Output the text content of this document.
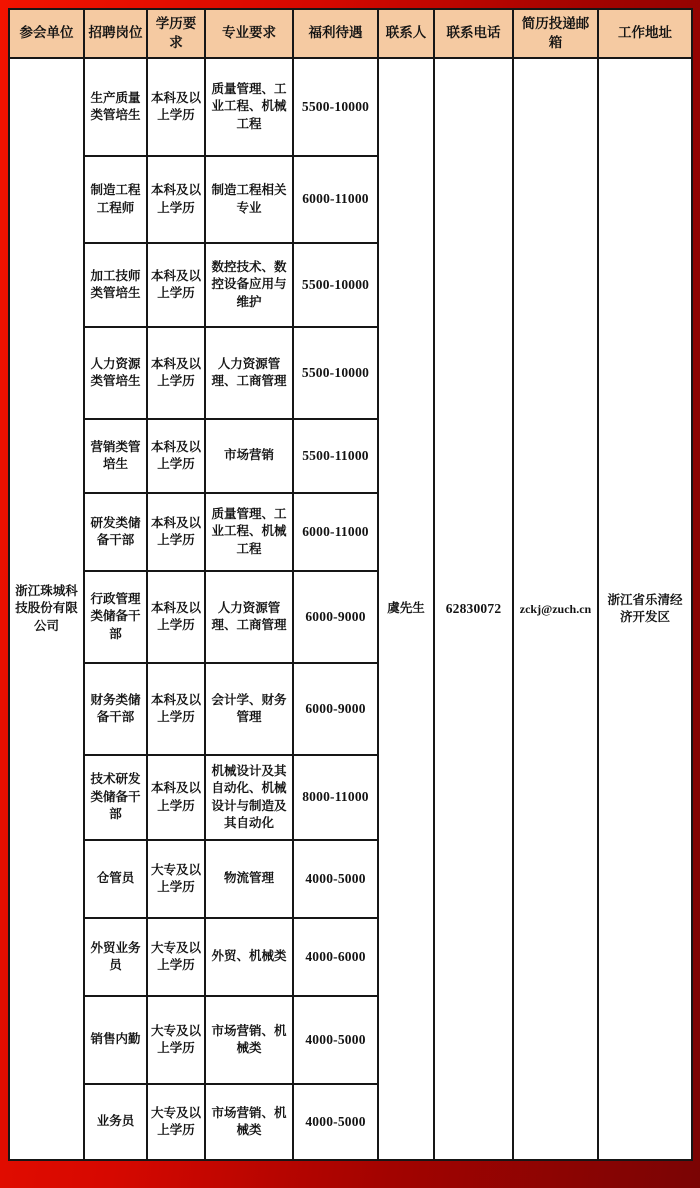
参会单位	招聘岗位	学历要求	专业要求	福利待遇	联系人	联系电话	简历投递邮箱	工作地址
浙江珠城科技股份有限公司	生产质量类管培生	本科及以上学历	质量管理、工业工程、机械工程	5500-10000	虞先生	62830072	zckj@zuch.cn	浙江省乐清经济开发区
	制造工程工程师	本科及以上学历	制造工程相关专业	6000-11000				
	加工技师类管培生	本科及以上学历	数控技术、数控设备应用与维护	5500-10000				
	人力资源类管培生	本科及以上学历	人力资源管理、工商管理	5500-10000				
	营销类管培生	本科及以上学历	市场营销	5500-11000				
	研发类储备干部	本科及以上学历	质量管理、工业工程、机械工程	6000-11000				
	行政管理类储备干部	本科及以上学历	人力资源管理、工商管理	6000-9000				
	财务类储备干部	本科及以上学历	会计学、财务管理	6000-9000				
	技术研发类储备干部	本科及以上学历	机械设计及其自动化、机械设计与制造及其自动化	8000-11000				
	仓管员	大专及以上学历	物流管理	4000-5000				
	外贸业务员	大专及以上学历	外贸、机械类	4000-6000				
	销售内勤	大专及以上学历	市场营销、机械类	4000-5000				
	业务员	大专及以上学历	市场营销、机械类	4000-5000				
